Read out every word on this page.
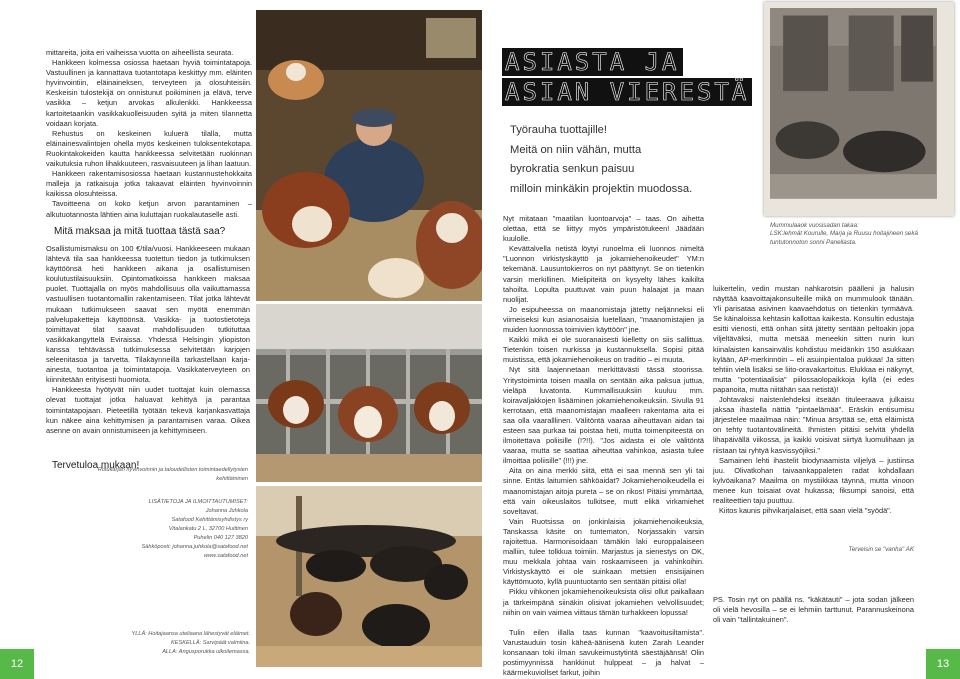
mittareita, joita eri vaiheissa vuotta on aiheellista seurata.

Hankkeen kolmessa osiossa haetaan hyviä toimintatapoja. Vastuullinen ja kannattava tuotantotapa keskittyy mm. eläinten hyvinvointiin, eläinaineksen, terveyteen ja olosuhteisiin. Keskeisin tulostekijä on onnistunut poikiminen ja elävä, terve vasikka – ketjun arvokas alkulenkki. Hankkeessa kartoitetaankin vasikkakuolleisuuden syitä ja miten tilannetta voidaan korjata.

Rehustus on keskeinen kuluerä tilalla, mutta eläinainesvalintojen ohella myös keskeinen tuloksentekotapa. Ruokintakokeiden kautta hankkeessa selvitetään ruokinnan vaikutuksia ruhon lihakkuuteen, rasvaisuuteen ja lihan laatuun.

Hankkeen rakentamisosiossa haetaan kustannustehokkaita malleja ja ratkaisuja jotka takaavat eläinten hyvinvoinnin kaikissa olosuhteissa.

Tavoitteena on koko ketjun arvon parantaminen – alkutuotannosta lähtien aina kuluttajan ruokalautaselle asti.

Mitä maksaa ja mitä tuottaa tästä saa?

Osallistumismaksu on 100 €/tila/vuosi. Hankkeeseen mukaan lähtevä tila saa hankkeessa tuotettun tiedon ja tutkimuksen käyttöönsä heti hankkeen aikana ja osallistumisen koulutustilaisuuksiin. Opintomatkoissa hankkeen maksaa puolet. Tuottajalla on myös mahdollisuus olla vaikuttamassa vastuullisen tuotantomallin rakentamiseen. Tilat jotka lähtevät mukaan tutkimukseen saavat sen myötä enemmän palvelupaketteja käyttöönsä. Vasikka- ja tuotostietoteja toimittavat tilat saavat mahdollisuuden tutkituttaa vasikkakangyttelä Eviraissa. Yhdessä Helsingin yliopiston kanssa tehtävässä tutkimuksessa selvitetään karjojen seleenitasoa ja tarvetta. Tilakäynneillä tarkastellaan karja-ainesta, tuotantoa ja toimintatapoja. Vasikkaterveyteen on kiinnitetään erityisesti huomiota.

Hankkeesta hyötyvät niin uudet tuottajat kuin olemassa olevat tuottajat jotka haluavat kehittyä ja parantaa toimintatapojaan. Pieteetillä työtään tekevä karjankasvattaja kun näkee aina kehittymisen ja parantamisen varaa. Oikea asenne on avain onnistumiseen ja kehittymiseen.

Tervetuloa mukaan!
Rotukarjan hyvinvoinnin ja taloudellisten toimintaedellytysten kehittäminen
LISÄTIETOJA JA ILMOITTAUTUMISET:
Johanna Juhkola
Satafood Kehittämisyhdistys ry
Vitalankatu 2 L, 32700 Huittinen
Puhelin 040 127 3820
Sähköposti: johanna.juhkola@satafood.net
www.satafood.net
YLLÄ: Hoitajaansa uteliaana lähestyvät eläimet.
KESKELLÄ: Sarvipäät valmiina.
ALLA: Angusporukka ulkoilemassa.
12
ASIASTA JA
ASIAN VIERESTÄ
Työrauha tuottajille!
Meitä on niin vähän, mutta
byrokratia senkun paisuu
milloin minkäkin projektin muodossa.
Mummulaaok vuosisadan takaa:
LSK:lehmät Kourulle, Marja ja Ruusu hoitajineen sekä
tuntutonnoton sonni Panellasta.

Nyt mitataan "maatilan luontoarvoja" – taas. On aihetta olettaa, että se liittyy myös ympäristötukeen! Jäädään kuulolle.

Kevättalvella netistä löytyi runoelma eli luonnos nimeltä "Luonnon virkistyskäyttö ja jokamiehenoikeudet" YM:n tekemänä. Lausuntokierros on nyt päättynyt. Se on tietenkin varsin merkillinen. Mielipiteitä on kysyelty lähes kaikilta tahoilta. Lopulta puuttuvat vain puun halaajat ja maan nuolijat.

Jo esipuheessa on maanomistaja jätetty neljänneksi eli viimeiseksi kun asianosaisia luetellaan, "maanomistajien ja muiden luonnossa toimivien käyttöön" jne.

Kaikki mikä ei ole suoranaisesti kielletty on siis sallittua. Tietenkin toisen nurkissa ja kustannuksella. Sopisi pitää muistissa, että jokamiehenoikeus on traditio – ei muuta.

Nyt sitä laajennetaan merkittävästi tässä stoorissa. Yritystoiminta toisen maalla on sentään aika paksua juttua, vieläpä luvatonta. Kummallisuuksiin kuuluu mm. koiravaljakkojen lisääminen jokamiehenoikeuksiin. Sivulla 91 kerrotaan, että maanomistajan maalleen rakentama aita ei saa olla vaaralllinen. Välitöntä vaaraa aiheuttavan aidan tai esteen saa purkaa tai poistaa heti, mutta toimenpiteestä on ilmoitettava poliisille (!?!!). "Jos aidasta ei ole välitöntä vaaraa, mutta se saattaa aiheuttaa vahinkoa, asiasta tulee ilmoittaa poliisille" (!!!) jne.

Aita on aina merkki siitä, että ei saa mennä sen yli tai sinne. Entäs laitumien sähköaidat? Jokamiehenoikeudella ei maanomistajan aitoja pureta – se on rikos! Pitäisi ymmärtää, että vain oikeuslaitos tulkitsee, mutt elikä virkamiehet soveltavat.

Vain Ruotsissa on jonkinlaisia jokamiehenoikeuksia, Tanskassa käsite on tuntematon, Norjassakin varsin rajoitettua. Harmonisoidaan tämäkin laki europpalaiseen malliin, tulee tolkkua toimiin. Marjastus ja sienestys on OK, muu mekkala johtaa vain roskaamiseen ja vahinkoihin. Virkistyskäyttö ei ole suinkaan metsien ensisijainen käyttömuoto, kyllä puuntuotanto sen sentään pitäisi olla!

Pikku vihkonen jokamiehenoikeuksista olisi ollut paikallaan ja tärkeimpänä siinäkin olisivat jokamiehen velvollisuudet; niihin on vain vaimea viittaus tämän turhakkeen lopussa!

Tulin eilen illalla taas kunnan "kaavoitusiltamista". Varustauduin tosin käheä-äänisenä kuten Zarah Leander konsanaan toki ilman savukeimustytintä säestäjäänsä! Olin postimyynnissä hankkinut hulppeat – ja halvat – käärmekuviollset farkut, joihin

luikertelin, vedin mustan nahkarotsin päälleni ja halusin näyttää kaavoittajakonsulteille mikä on mummulook tänään. Yli parisataa asivinen kaavaehdotus on tietenkin tyrmäävä. Se käinaloissa kehtasin kallottaa kaikesta. Konsultin edustaja esitti vienosti, että onhan siitä jätetty sentään peltoakin jopa viljeltäväksi, mutta metsää meneekin sitten nurin kun kiinalaisten kansainvälis kohdistuu meidänkin 150 asukkaan kylään, AP-merkinnöin – eli asuinpientaloa pukkaa! Ja sitten tehtiin vielä lisäksi se liito-oravakartoitus. Elukkaa ei näkynyt, mutta "potentiaalisia" piilossaolopaikkoja kyllä (ei edes papanoita, mutta niitähän saa netistä)!

Johtavaksi naistenlehdeksi itseään tituleeraava julkaisu jaksaa ihastella nättiä "pintaelämää". Eräskin entisumisu järjestelee maailmaa näin: "Minua ärsyttää se, että eläimistä on tehty tuotantovälineitä. Ihmisten pitäisi selvitä yhdellä lihapäivällä viikossa, ja kaikki voisivat siirtyä luomulihaan ja riistaan tai ryhtyä kasvissyöjiksi."

Samainen lehti ihastelit biodynaamista viljelyä – justiinsa juu. Olivatkohan taivaankappaleten radat kohdallaan kylvöaikana? Maailma on mystiikkaa täynnä, mutta vinoon menee kun toisaiat ovat hukassa; fiksumpi sanoisi, että realiteettien taju puuttuu.

Kiitos kaunis pihvikarjalaiset, että saan vielä "syödä".

Terveisin se "vanha" AK
PS. Tosin nyt on päällä ns. "käkätauti" – jota sodan jälkeen oli vielä hevosilla – se ei lehmiin tarttunut. Parannuskeinona oli vain "tallintakuinen".
13
